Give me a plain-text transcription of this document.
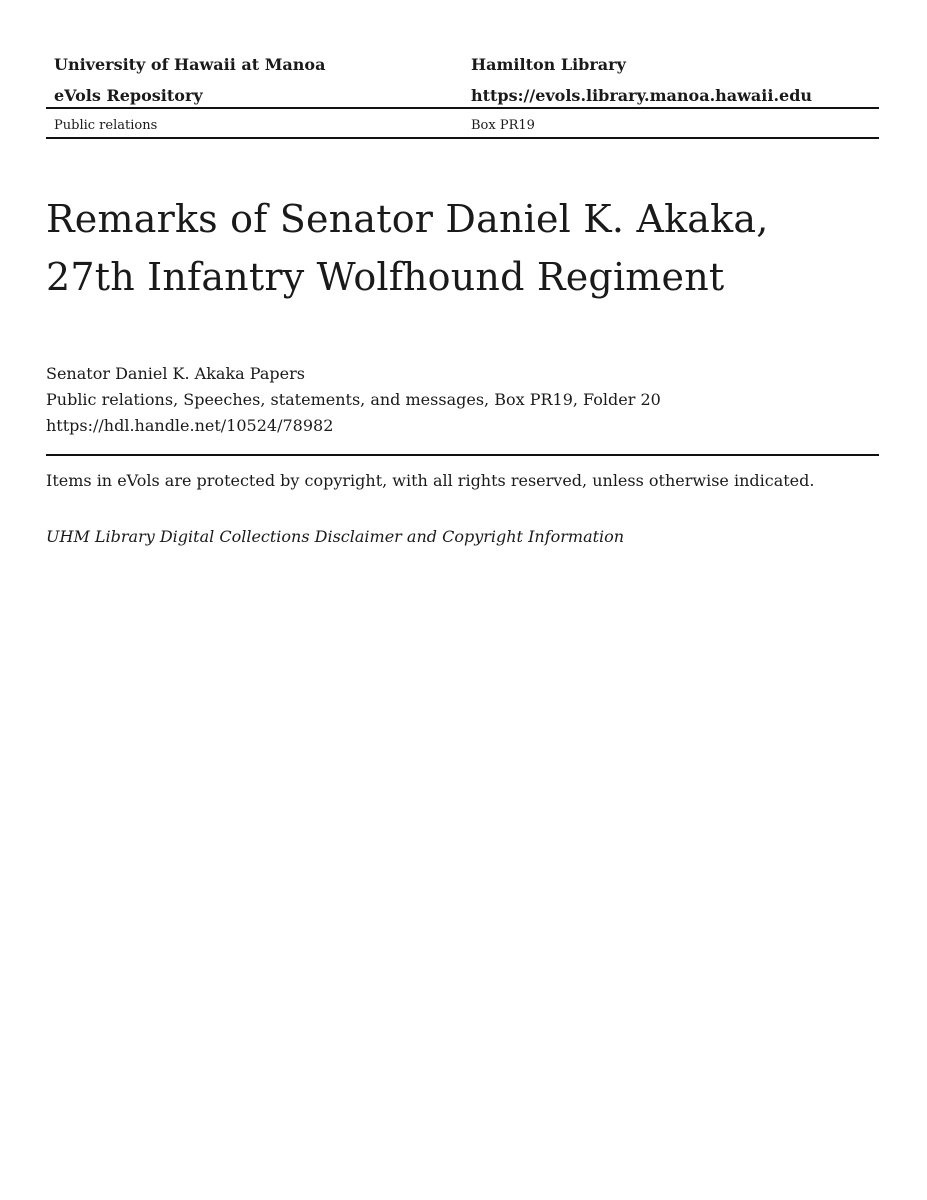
University of Hawaii at Manoa	Hamilton Library
eVols Repository	https://evols.library.manoa.hawaii.edu
Public relations	Box PR19
Remarks of Senator Daniel K. Akaka,
27th Infantry Wolfhound Regiment
Senator Daniel K. Akaka Papers
Public relations, Speeches, statements, and messages, Box PR19, Folder 20
https://hdl.handle.net/10524/78982
Items in eVols are protected by copyright, with all rights reserved, unless otherwise indicated.
UHM Library Digital Collections Disclaimer and Copyright Information
